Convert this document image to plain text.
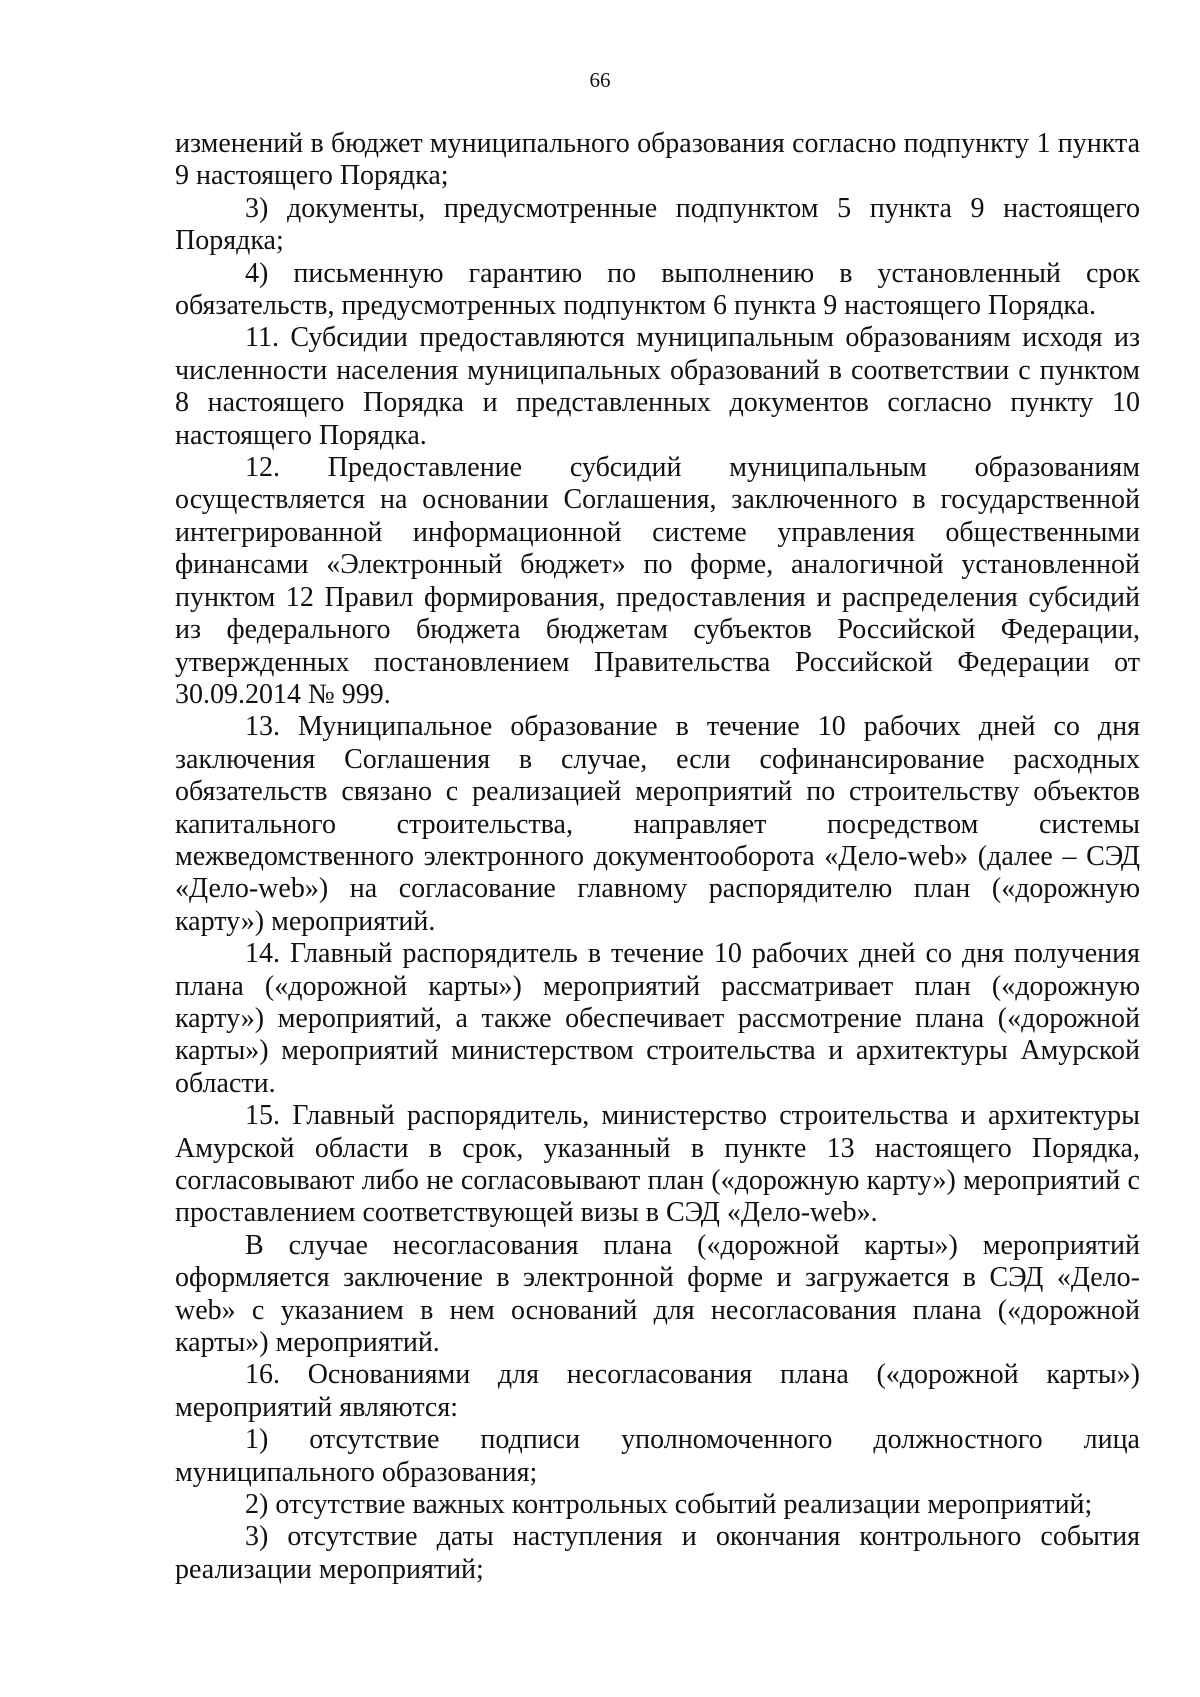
66

изменений в бюджет муниципального образования согласно подпункту 1 пункта 9 настоящего Порядка;

3) документы, предусмотренные подпунктом 5 пункта 9 настоящего Порядка;

4) письменную гарантию по выполнению в установленный срок обязательств, предусмотренных подпунктом 6 пункта 9 настоящего Порядка.

11. Субсидии предоставляются муниципальным образованиям исходя из численности населения муниципальных образований в соответствии с пунктом 8 настоящего Порядка и представленных документов согласно пункту 10 настоящего Порядка.

12. Предоставление субсидий муниципальным образованиям осуществляется на основании Соглашения, заключенного в государственной интегрированной информационной системе управления общественными финансами «Электронный бюджет» по форме, аналогичной установленной пунктом 12 Правил формирования, предоставления и распределения субсидий из федерального бюджета бюджетам субъектов Российской Федерации, утвержденных постановлением Правительства Российской Федерации от 30.09.2014 № 999.

13. Муниципальное образование в течение 10 рабочих дней со дня заключения Соглашения в случае, если софинансирование расходных обязательств связано с реализацией мероприятий по строительству объектов капитального строительства, направляет посредством системы межведомственного электронного документооборота «Дело-web» (далее – СЭД «Дело-web») на согласование главному распорядителю план («дорожную карту») мероприятий.

14. Главный распорядитель в течение 10 рабочих дней со дня получения плана («дорожной карты») мероприятий рассматривает план («дорожную карту») мероприятий, а также обеспечивает рассмотрение плана («дорожной карты») мероприятий министерством строительства и архитектуры Амурской области.

15. Главный распорядитель, министерство строительства и архитектуры Амурской области в срок, указанный в пункте 13 настоящего Порядка, согласовывают либо не согласовывают план («дорожную карту») мероприятий с проставлением соответствующей визы в СЭД «Дело-web».

В случае несогласования плана («дорожной карты») мероприятий оформляется заключение в электронной форме и загружается в СЭД «Дело-web» с указанием в нем оснований для несогласования плана («дорожной карты») мероприятий.

16. Основаниями для несогласования плана («дорожной карты») мероприятий являются:

1) отсутствие подписи уполномоченного должностного лица муниципального образования;

2) отсутствие важных контрольных событий реализации мероприятий;

3) отсутствие даты наступления и окончания контрольного события реализации мероприятий;
